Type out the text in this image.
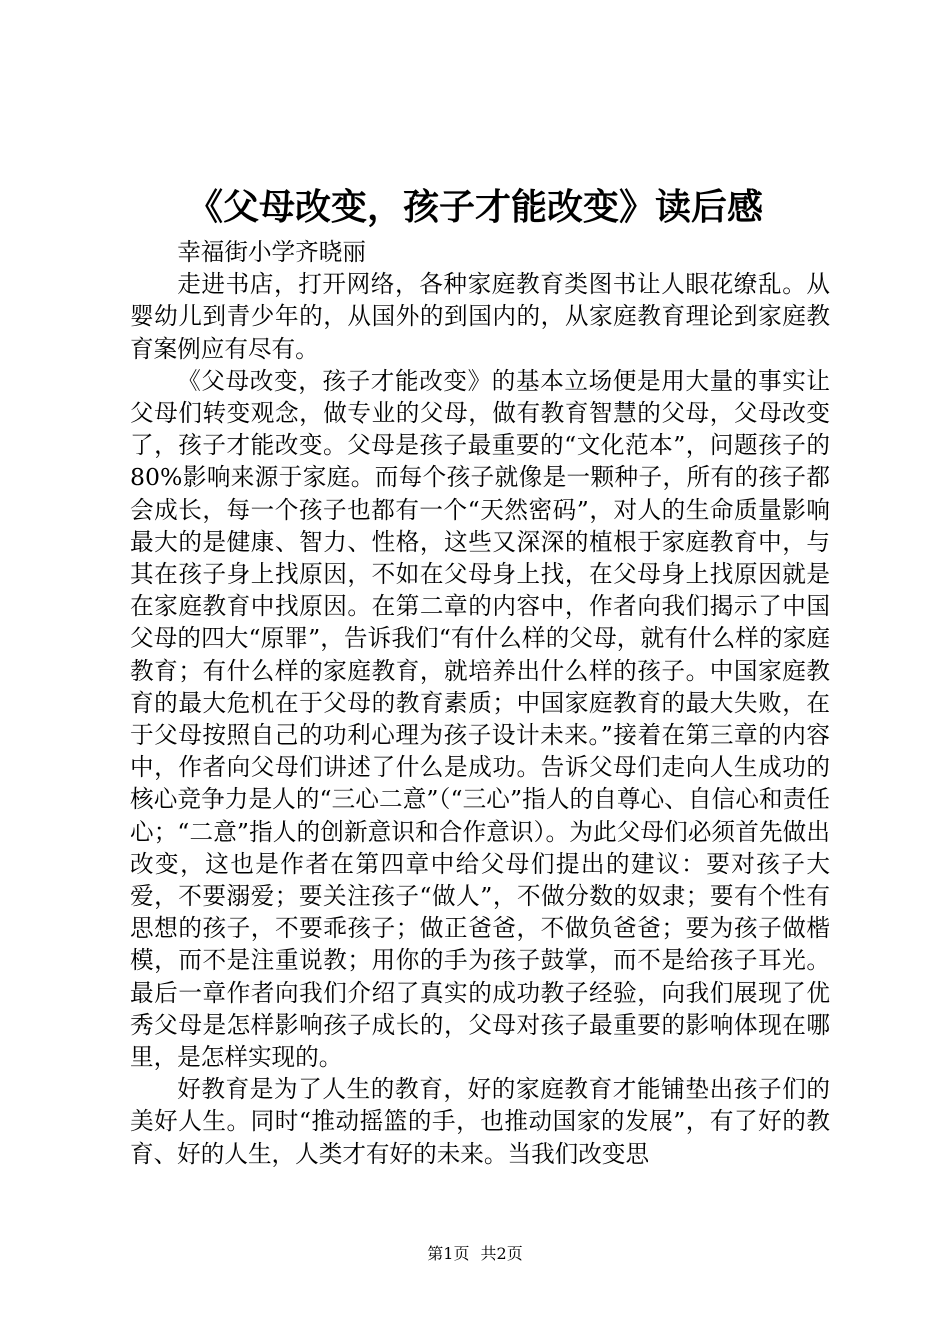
《父母改变，孩子才能改变》读后感

幸福街小学齐晓丽

走进书店，打开网络，各种家庭教育类图书让人眼花缭乱。从婴幼儿到青少年的，从国外的到国内的，从家庭教育理论到家庭教育案例应有尽有。

《父母改变，孩子才能改变》的基本立场便是用大量的事实让父母们转变观念，做专业的父母，做有教育智慧的父母，父母改变了，孩子才能改变。父母是孩子最重要的“文化范本”，问题孩子的80%影响来源于家庭。而每个孩子就像是一颗种子，所有的孩子都会成长，每一个孩子也都有一个“天然密码”，对人的生命质量影响最大的是健康、智力、性格，这些又深深的植根于家庭教育中，与其在孩子身上找原因，不如在父母身上找，在父母身上找原因就是在家庭教育中找原因。在第二章的内容中，作者向我们揭示了中国父母的四大“原罪”，告诉我们“有什么样的父母，就有什么样的家庭教育；有什么样的家庭教育，就培养出什么样的孩子。中国家庭教育的最大危机在于父母的教育素质；中国家庭教育的最大失败，在于父母按照自己的功利心理为孩子设计未来。”接着在第三章的内容中，作者向父母们讲述了什么是成功。告诉父母们走向人生成功的核心竞争力是人的“三心二意”（“三心”指人的自尊心、自信心和责任心；“二意”指人的创新意识和合作意识）。为此父母们必须首先做出改变，这也是作者在第四章中给父母们提出的建议：要对孩子大爱，不要溺爱；要关注孩子“做人”，不做分数的奴隶；要有个性有思想的孩子，不要乖孩子；做正爸爸，不做负爸爸；要为孩子做楷模，而不是注重说教；用你的手为孩子鼓掌，而不是给孩子耳光。最后一章作者向我们介绍了真实的成功教子经验，向我们展现了优秀父母是怎样影响孩子成长的，父母对孩子最重要的影响体现在哪里，是怎样实现的。

好教育是为了人生的教育，好的家庭教育才能铺垫出孩子们的美好人生。同时“推动摇篮的手，也推动国家的发展”，有了好的教育、好的人生，人类才有好的未来。当我们改变思

第1页 共2页
